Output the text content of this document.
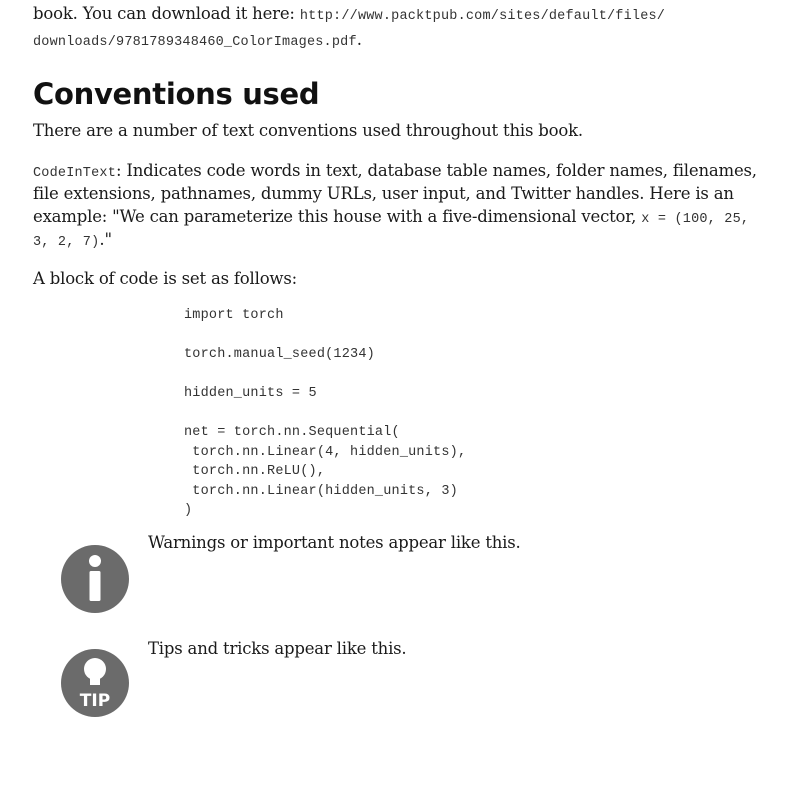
book. You can download it here: http://www.packtpub.com/sites/default/files/
downloads/9781789348460_ColorImages.pdf.
Conventions used

There are a number of text conventions used throughout this book.

CodeInText: Indicates code words in text, database table names, folder names, filenames,
file extensions, pathnames, dummy URLs, user input, and Twitter handles. Here is an
example: "We can parameterize this house with a five-dimensional vector, x = (100, 25,
3, 2, 7)."

A block of code is set as follows:

import torch

torch.manual_seed(1234)

hidden_units = 5

net = torch.nn.Sequential(
torch.nn.Linear(4, hidden_units),
torch.nn.ReLU(),
torch.nn.Linear(hidden_units, 3)
)
Warnings or important notes appear like this.
TIP
Tips and tricks appear like this.
